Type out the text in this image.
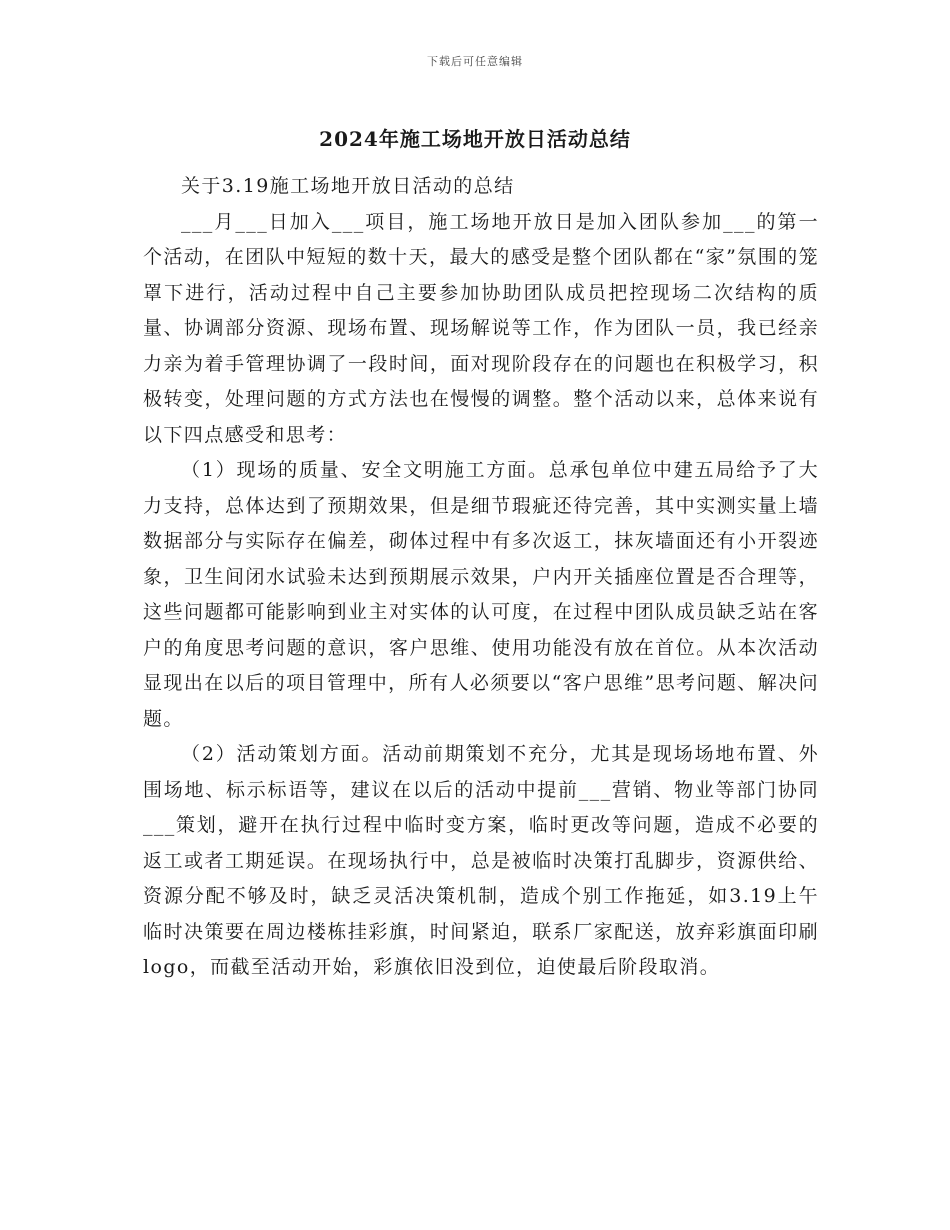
下载后可任意编辑
2024年施工场地开放日活动总结

关于3.19施工场地开放日活动的总结

___月___日加入___项目，施工场地开放日是加入团队参加___的第一个活动，在团队中短短的数十天，最大的感受是整个团队都在“家”氛围的笼罩下进行，活动过程中自己主要参加协助团队成员把控现场二次结构的质量、协调部分资源、现场布置、现场解说等工作，作为团队一员，我已经亲力亲为着手管理协调了一段时间，面对现阶段存在的问题也在积极学习，积极转变，处理问题的方式方法也在慢慢的调整。整个活动以来，总体来说有以下四点感受和思考：

（1）现场的质量、安全文明施工方面。总承包单位中建五局给予了大力支持，总体达到了预期效果，但是细节瑕疵还待完善，其中实测实量上墙数据部分与实际存在偏差，砌体过程中有多次返工，抹灰墙面还有小开裂迹象，卫生间闭水试验未达到预期展示效果，户内开关插座位置是否合理等，这些问题都可能影响到业主对实体的认可度，在过程中团队成员缺乏站在客户的角度思考问题的意识，客户思维、使用功能没有放在首位。从本次活动显现出在以后的项目管理中，所有人必须要以“客户思维”思考问题、解决问题。

（2）活动策划方面。活动前期策划不充分，尤其是现场场地布置、外围场地、标示标语等，建议在以后的活动中提前___营销、物业等部门协同___策划，避开在执行过程中临时变方案，临时更改等问题，造成不必要的返工或者工期延误。在现场执行中，总是被临时决策打乱脚步，资源供给、资源分配不够及时，缺乏灵活决策机制，造成个别工作拖延，如3.19上午临时决策要在周边楼栋挂彩旗，时间紧迫，联系厂家配送，放弃彩旗面印刷logo，而截至活动开始，彩旗依旧没到位，迫使最后阶段取消。
